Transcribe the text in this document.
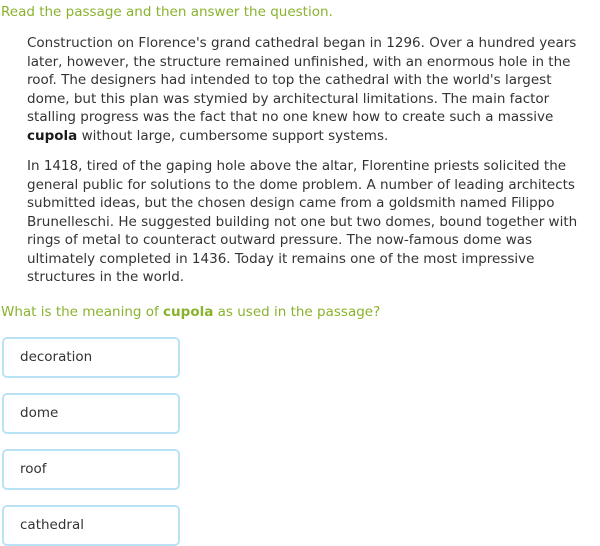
Read the passage and then answer the question.

Construction on Florence's grand cathedral began in 1296. Over a hundred years later, however, the structure remained unfinished, with an enormous hole in the roof. The designers had intended to top the cathedral with the world's largest dome, but this plan was stymied by architectural limitations. The main factor stalling progress was the fact that no one knew how to create such a massive cupola without large, cumbersome support systems.

In 1418, tired of the gaping hole above the altar, Florentine priests solicited the general public for solutions to the dome problem. A number of leading architects submitted ideas, but the chosen design came from a goldsmith named Filippo Brunelleschi. He suggested building not one but two domes, bound together with rings of metal to counteract outward pressure. The now-famous dome was ultimately completed in 1436. Today it remains one of the most impressive structures in the world.

What is the meaning of cupola as used in the passage?
decoration
dome
roof
cathedral
